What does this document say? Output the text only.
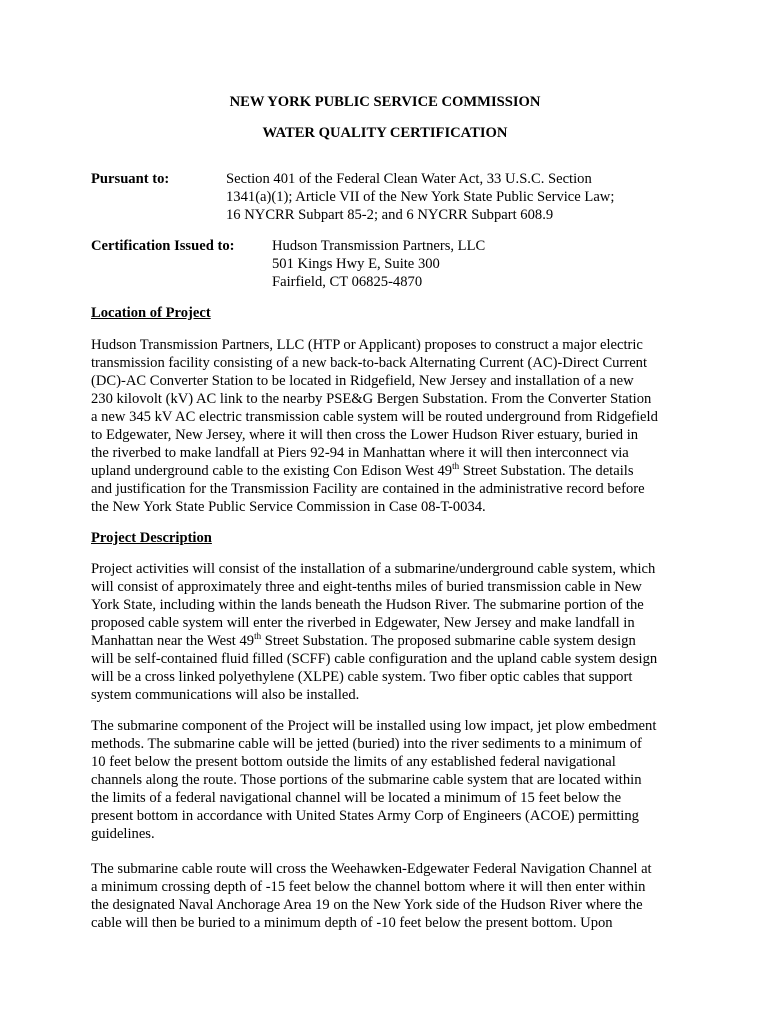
NEW YORK PUBLIC SERVICE COMMISSION
WATER QUALITY CERTIFICATION
Pursuant to:	Section 401 of the Federal Clean Water Act, 33 U.S.C. Section
1341(a)(1); Article VII of the New York State Public Service Law;
16 NYCRR Subpart 85-2; and 6 NYCRR Subpart 608.9
Certification Issued to:	Hudson Transmission Partners, LLC
501 Kings Hwy E, Suite 300
Fairfield, CT 06825-4870
Location of Project
Hudson Transmission Partners, LLC (HTP or Applicant) proposes to construct a major electric
transmission facility consisting of a new back-to-back Alternating Current (AC)-Direct Current
(DC)-AC Converter Station to be located in Ridgefield, New Jersey and installation of a new
230 kilovolt (kV) AC link to the nearby PSE&G Bergen Substation. From the Converter Station
a new 345 kV AC electric transmission cable system will be routed underground from Ridgefield
to Edgewater, New Jersey, where it will then cross the Lower Hudson River estuary, buried in
the riverbed to make landfall at Piers 92-94 in Manhattan where it will then interconnect via
upland underground cable to the existing Con Edison West 49th Street Substation. The details
and justification for the Transmission Facility are contained in the administrative record before
the New York State Public Service Commission in Case 08-T-0034.
Project Description
Project activities will consist of the installation of a submarine/underground cable system, which
will consist of approximately three and eight-tenths miles of buried transmission cable in New
York State, including within the lands beneath the Hudson River. The submarine portion of the
proposed cable system will enter the riverbed in Edgewater, New Jersey and make landfall in
Manhattan near the West 49th Street Substation. The proposed submarine cable system design
will be self-contained fluid filled (SCFF) cable configuration and the upland cable system design
will be a cross linked polyethylene (XLPE) cable system. Two fiber optic cables that support
system communications will also be installed.
The submarine component of the Project will be installed using low impact, jet plow embedment
methods. The submarine cable will be jetted (buried) into the river sediments to a minimum of
10 feet below the present bottom outside the limits of any established federal navigational
channels along the route. Those portions of the submarine cable system that are located within
the limits of a federal navigational channel will be located a minimum of 15 feet below the
present bottom in accordance with United States Army Corp of Engineers (ACOE) permitting
guidelines.
The submarine cable route will cross the Weehawken-Edgewater Federal Navigation Channel at
a minimum crossing depth of -15 feet below the channel bottom where it will then enter within
the designated Naval Anchorage Area 19 on the New York side of the Hudson River where the
cable will then be buried to a minimum depth of -10 feet below the present bottom. Upon
